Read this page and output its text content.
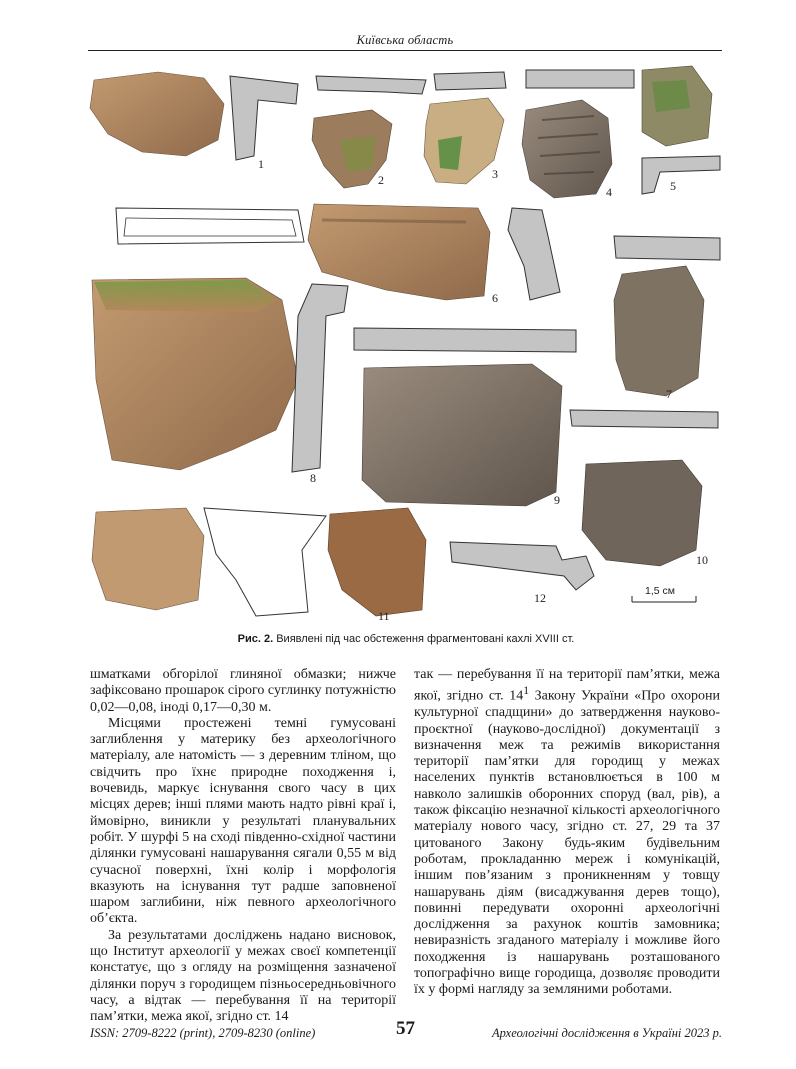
Київська область
1
2	3
4	5
6
7
8
9
10
11
12	1,5 см
Рис. 2. Виявлені під час обстеження фрагментовані кахлі XVIII ст.

шматками обгорілої глиняної обмазки; нижче зафіксовано прошарок сірого суглинку потужністю 0,02—0,08, іноді 0,17—0,30 м.

Місцями простежені темні гумусовані заглиблення у материку без археологічного матеріалу, але натомість — з деревним тліном, що свідчить про їхнє природне походження і, вочевидь, маркує існування свого часу в цих місцях дерев; інші плями мають надто рівні краї і, ймовірно, виникли у результаті планувальних робіт. У шурфі 5 на сході південно-східної частини ділянки гумусовані нашарування сягали 0,55 м від сучасної поверхні, їхні колір і морфологія вказують на існування тут радше заповненої шаром заглибини, ніж певного археологічного об’єкта.

За результатами досліджень надано висновок, що Інститут археології у межах своєї компетенції констатує, що з огляду на розміщення зазначеної ділянки поруч з городищем пізньосередньовічного часу, а відтак — перебування її на території пам’ятки, межа якої, згідно ст. 14

так — перебування її на території пам’ятки, межа якої, згідно ст. $14^1$ Закону України «Про охорони культурної спадщини» до затвердження науково-проєктної (науково-дослідної) документації з визначення меж та режимів використання території пам’ятки для городищ у межах населених пунктів встановлюється в 100 м навколо залишків оборонних споруд (вал, рів), а також фіксацію незначної кількості археологічного матеріалу нового часу, згідно ст. 27, 29 та 37 цитованого Закону будь-яким будівельним роботам, прокладанню мереж і комунікацій, іншим пов’язаним з проникненням у товщу нашарувань діям (висаджування дерев тощо), повинні передувати охоронні археологічні дослідження за рахунок коштів замовника; невиразність згаданого матеріалу і можливе його походження із нашарувань розташованого топографічно вище городища, дозволяє проводити їх у формі нагляду за земляними роботами.

ISSN: 2709-8222 (print), 2709-8230 (online)	57	Археологічні дослідження в Україні 2023 р.
